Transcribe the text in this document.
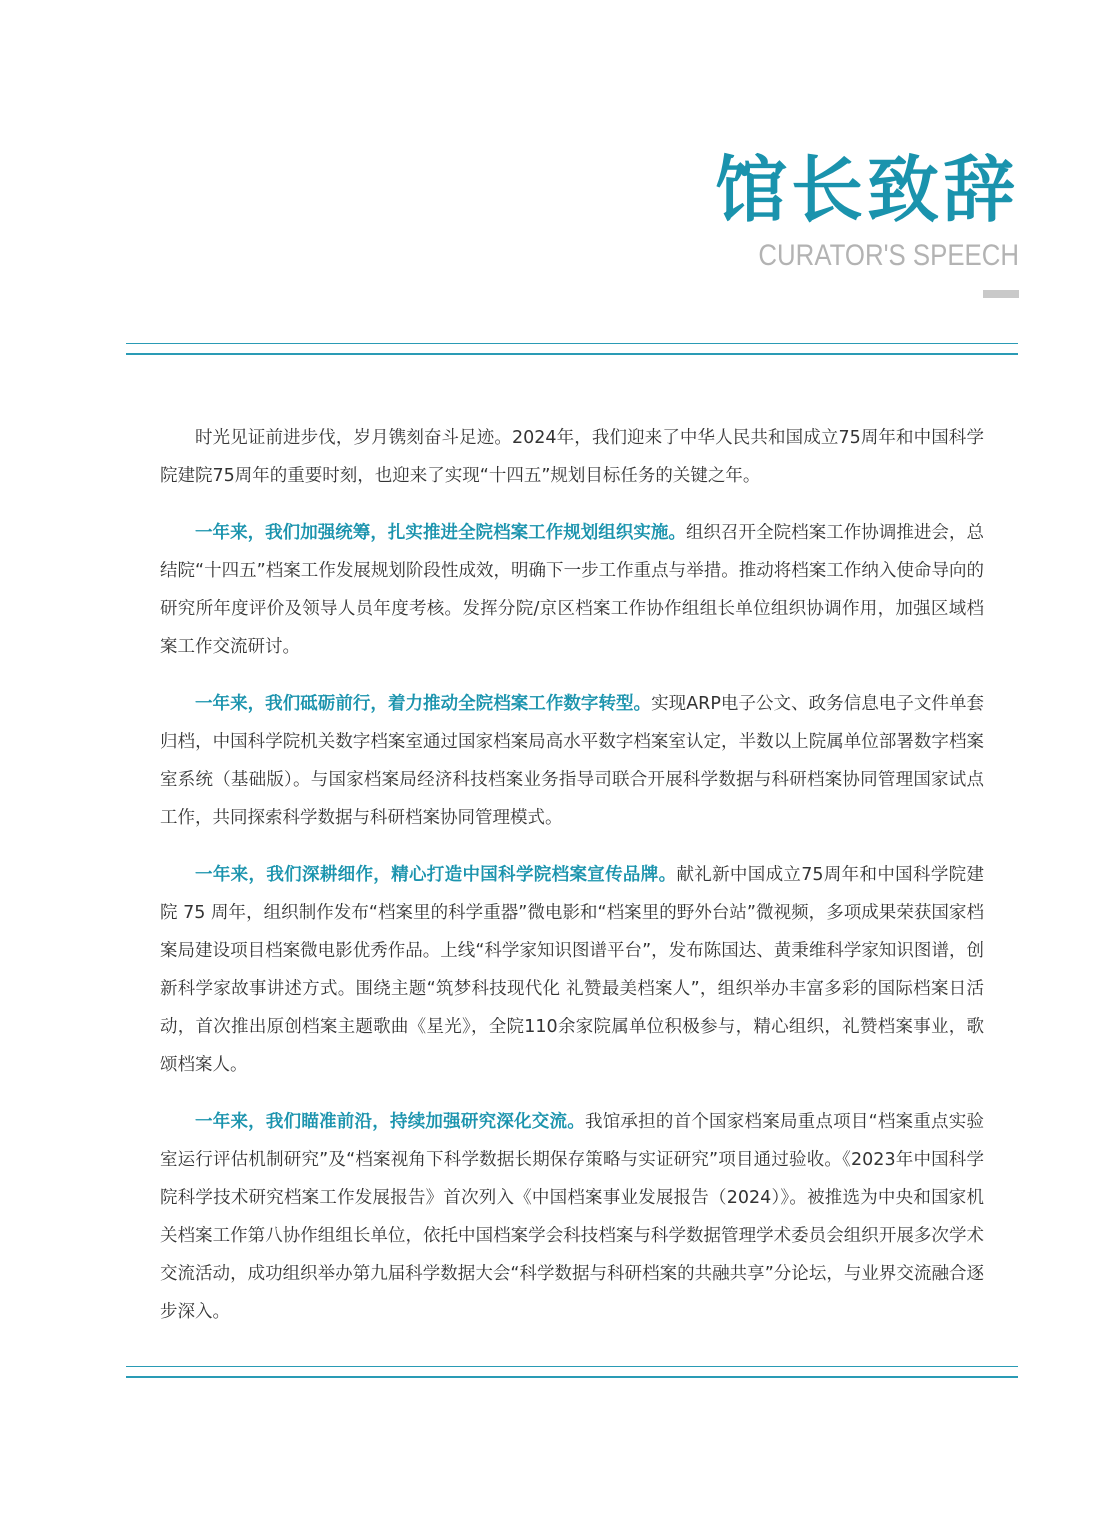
馆长致辞
CURATOR'S SPEECH

时光见证前进步伐，岁月镌刻奋斗足迹。2024年，我们迎来了中华人民共和国成立75周年和中国科学院建院75周年的重要时刻，也迎来了实现“十四五”规划目标任务的关键之年。

一年来，我们加强统筹，扎实推进全院档案工作规划组织实施。组织召开全院档案工作协调推进会，总结院“十四五”档案工作发展规划阶段性成效，明确下一步工作重点与举措。推动将档案工作纳入使命导向的研究所年度评价及领导人员年度考核。发挥分院/京区档案工作协作组组长单位组织协调作用，加强区域档案工作交流研讨。

一年来，我们砥砺前行，着力推动全院档案工作数字转型。实现ARP电子公文、政务信息电子文件单套归档，中国科学院机关数字档案室通过国家档案局高水平数字档案室认定，半数以上院属单位部署数字档案室系统（基础版）。与国家档案局经济科技档案业务指导司联合开展科学数据与科研档案协同管理国家试点工作，共同探索科学数据与科研档案协同管理模式。

一年来，我们深耕细作，精心打造中国科学院档案宣传品牌。献礼新中国成立75周年和中国科学院建院 75 周年，组织制作发布“档案里的科学重器”微电影和“档案里的野外台站”微视频，多项成果荣获国家档案局建设项目档案微电影优秀作品。上线“科学家知识图谱平台”，发布陈国达、黄秉维科学家知识图谱，创新科学家故事讲述方式。围绕主题“筑梦科技现代化 礼赞最美档案人”，组织举办丰富多彩的国际档案日活动，首次推出原创档案主题歌曲《星光》，全院110余家院属单位积极参与，精心组织，礼赞档案事业，歌颂档案人。

一年来，我们瞄准前沿，持续加强研究深化交流。我馆承担的首个国家档案局重点项目“档案重点实验室运行评估机制研究”及“档案视角下科学数据长期保存策略与实证研究”项目通过验收。《2023年中国科学院科学技术研究档案工作发展报告》首次列入《中国档案事业发展报告（2024）》。被推选为中央和国家机关档案工作第八协作组组长单位，依托中国档案学会科技档案与科学数据管理学术委员会组织开展多次学术交流活动，成功组织举办第九届科学数据大会“科学数据与科研档案的共融共享”分论坛，与业界交流融合逐步深入。
